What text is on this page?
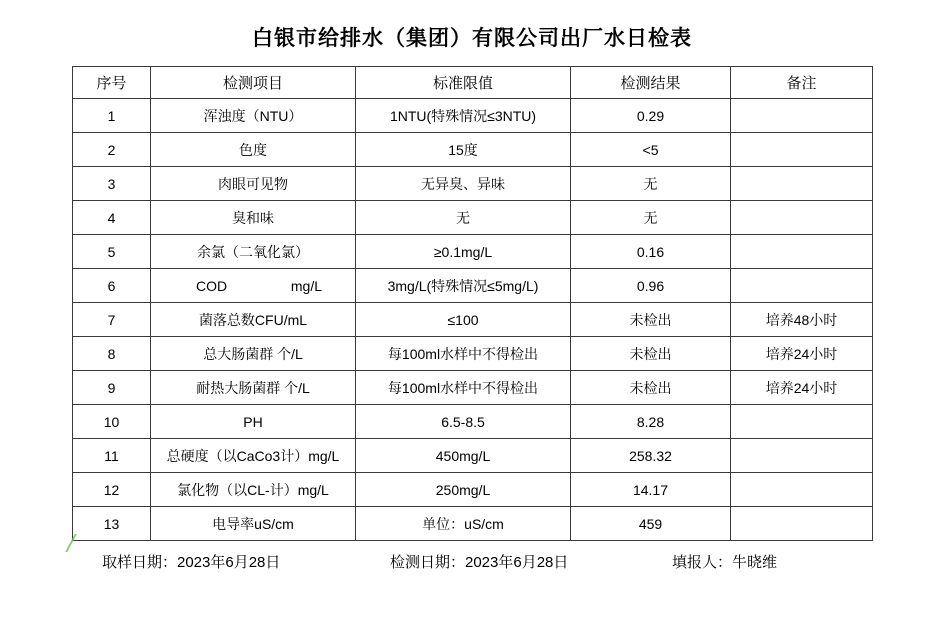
白银市给排水（集团）有限公司出厂水日检表
序号	检测项目	标准限值	检测结果	备注
1	浑浊度（NTU）	1NTU(特殊情况≤3NTU)	0.29	
2	色度	15度	<5	
3	肉眼可见物	无异臭、异味	无	
4	臭和味	无	无	
5	余氯（二氧化氯）	≥0.1mg/L	0.16	
6	COD mg/L	3mg/L(特殊情况≤5mg/L)	0.96	
7	菌落总数CFU/mL	≤100	未检出	培养48小时
8	总大肠菌群 个/L	每100ml水样中不得检出	未检出	培养24小时
9	耐热大肠菌群 个/L	每100ml水样中不得检出	未检出	培养24小时
10	PH	6.5-8.5	8.28	
11	总硬度（以CaCo3计）mg/L	450mg/L	258.32	
12	氯化物（以CL-计）mg/L	250mg/L	14.17	
13	电导率uS/cm	单位：uS/cm	459	
取样日期：2023年6月28日	检测日期：2023年6月28日	填报人：牛晓维
